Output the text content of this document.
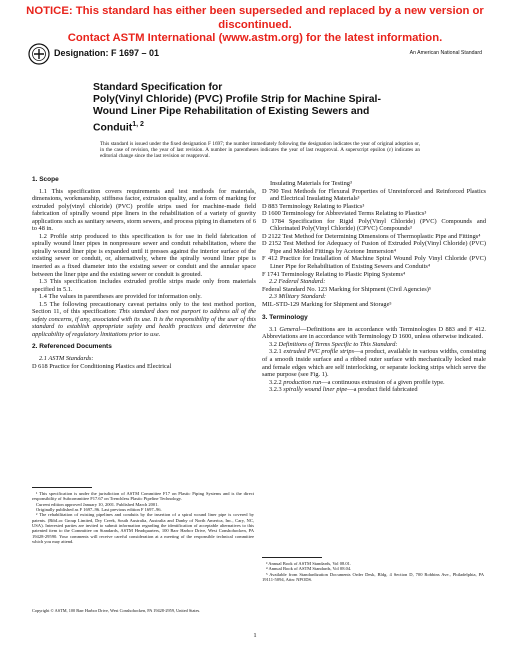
NOTICE: This standard has either been superseded and replaced by a new version or discontinued.
Contact ASTM International (www.astm.org) for the latest information.
Designation: F 1697 – 01	An American National Standard
Standard Specification for
Poly(Vinyl Chloride) (PVC) Profile Strip for Machine Spiral-
Wound Liner Pipe Rehabilitation of Existing Sewers and
Conduit$^{1, 2}$
This standard is issued under the fixed designation F 1697; the number immediately following the designation indicates the year of original adoption or, in the case of revision, the year of last revision. A number in parentheses indicates the year of last reapproval. A superscript epsilon (ε) indicates an editorial change since the last revision or reapproval.

1. Scope

1.1 This specification covers requirements and test methods for materials, dimensions, workmanship, stiffness factor, extrusion quality, and a form of marking for extruded poly(vinyl chloride) (PVC) profile strips used for machine-made field fabrication of spirally wound pipe liners in the rehabilitation of a variety of gravity applications such as sanitary sewers, storm sewers, and process piping in diameters of 6 to 48 in.

1.2 Profile strip produced to this specification is for use in field fabrication of spirally wound liner pipes in nonpressure sewer and conduit rehabilitation, where the spirally wound liner pipe is expanded until it presses against the interior surface of the existing sewer or conduit, or, alternatively, where the spirally wound liner pipe is inserted as a fixed diameter into the existing sewer or conduit and the annular space between the liner pipe and the existing sewer or conduit is grouted.

1.3 This specification includes extruded profile strips made only from materials specified in 5.1.

1.4 The values in parentheses are provided for information only.

1.5 The following precautionary caveat pertains only to the test method portion, Section 11, of this specification: This standard does not purport to address all of the safety concerns, if any, associated with its use. It is the responsibility of the user of this standard to establish appropriate safety and health practices and determine the applicability of regulatory limitations prior to use.

2. Referenced Documents

2.1 ASTM Standards:

D 618 Practice for Conditioning Plastics and Electrical

¹ This specification is under the jurisdiction of ASTM Committee F17 on Plastic Piping Systems and is the direct responsibility of Subcommittee F17.67 on Trenchless Plastic Pipeline Technology.

Current edition approved January 10, 2001. Published March 2001.

Originally published as F 1697–96. Last previous edition F 1697–96.

² The rehabilitation of existing pipelines and conduits by the insertion of a spiral wound liner pipe is covered by patents. (RibLoc Group Limited, Dry Creek, South Australia, Australia and Danby of North America, Inc., Cary, NC, USA). Interested parties are invited to submit information regarding the identification of acceptable alternatives to this patented item to the Committee on Standards, ASTM Headquarters, 100 Barr Harbor Drive, West Conshohocken, PA 19428-29590. Your comments will receive careful consideration at a meeting of the responsible technical committee which you may attend.

Insulating Materials for Testing³

D 790 Test Methods for Flexural Properties of Unreinforced and Reinforced Plastics and Electrical Insulating Materials³

D 883 Terminology Relating to Plastics³

D 1600 Terminology for Abbreviated Terms Relating to Plastics³

D 1784 Specification for Rigid Poly(Vinyl Chloride) (PVC) Compounds and Chlorinated Poly(Vinyl Chloride) (CPVC) Compounds³

D 2122 Test Method for Determining Dimensions of Thermoplastic Pipe and Fittings⁴

D 2152 Test Method for Adequacy of Fusion of Extruded Poly(Vinyl Chloride) (PVC) Pipe and Molded Fittings by Acetone Immersion⁴

F 412 Practice for Installation of Machine Spiral Wound Poly Vinyl Chloride (PVC) Liner Pipe for Rehabilitation of Existing Sewers and Conduits⁴

F 1741 Terminology Relating to Plastic Piping Systems⁴

2.2 Federal Standard:

Federal Standard No. 123 Marking for Shipment (Civil Agencies)⁵

2.3 Military Standard:

MIL-STD-129 Marking for Shipment and Storage⁵

3. Terminology

3.1 General—Definitions are in accordance with Terminologies D 883 and F 412. Abbreviations are in accordance with Terminology D 1600, unless otherwise indicated.

3.2 Definitions of Terms Specific to This Standard:

3.2.1 extruded PVC profile strips—a product, available in various widths, consisting of a smooth inside surface and a ribbed outer surface with mechanically locked male and female edges which are self interlocking, or separate locking strips which serve the same purpose (see Fig. 1).

3.2.2 production run—a continuous extrusion of a given profile type.

3.2.3 spirally wound liner pipe—a product field fabricated

³ Annual Book of ASTM Standards, Vol 08.01.

⁴ Annual Book of ASTM Standards, Vol 08.04.

⁵ Available from Standardization Documents Order Desk, Bldg. 4 Section D, 700 Robbins Ave., Philadelphia, PA 19111-5094, Attn: NPODS.

Copyright © ASTM, 100 Barr Harbor Drive, West Conshohocken, PA 19428-2959, United States.
1
